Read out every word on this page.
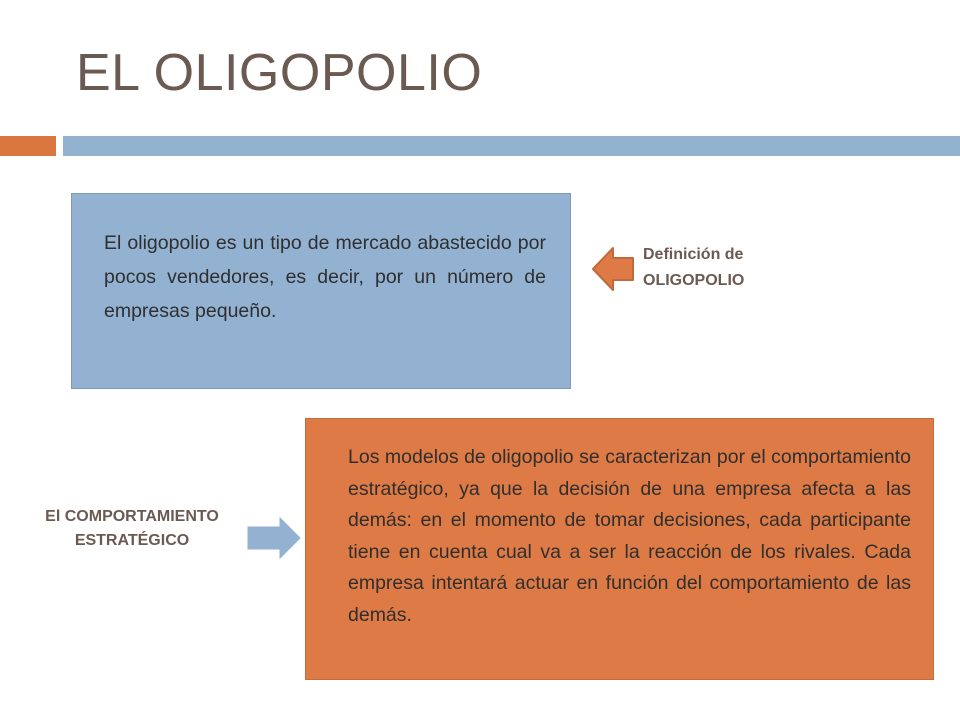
EL OLIGOPOLIO

El oligopolio es un tipo de mercado abastecido por pocos vendedores, es decir, por un número de empresas pequeño.

Definición de
OLIGOPOLIO
El COMPORTAMIENTO
ESTRATÉGICO

Los modelos de oligopolio se caracterizan por el comportamiento estratégico, ya que la decisión de una empresa afecta a las demás: en el momento de tomar decisiones, cada participante tiene en cuenta cual va a ser la reacción de los rivales. Cada empresa intentará actuar en función del comportamiento de las demás.
